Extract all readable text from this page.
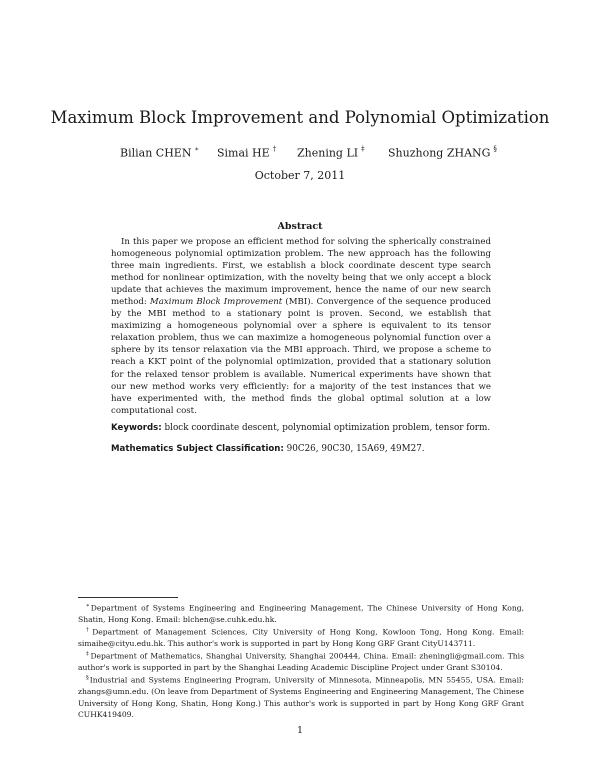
Maximum Block Improvement and Polynomial Optimization
Bilian CHEN ∗ Simai HE † Zhening LI ‡ Shuzhong ZHANG §
October 7, 2011
Abstract

In this paper we propose an efficient method for solving the spherically constrained homogeneous polynomial optimization problem. The new approach has the following three main ingredients. First, we establish a block coordinate descent type search method for nonlinear optimization, with the novelty being that we only accept a block update that achieves the maximum improvement, hence the name of our new search method: Maximum Block Improvement (MBI). Convergence of the sequence produced by the MBI method to a stationary point is proven. Second, we establish that maximizing a homogeneous polynomial over a sphere is equivalent to its tensor relaxation problem, thus we can maximize a homogeneous polynomial function over a sphere by its tensor relaxation via the MBI approach. Third, we propose a scheme to reach a KKT point of the polynomial optimization, provided that a stationary solution for the relaxed tensor problem is available. Numerical experiments have shown that our new method works very efficiently: for a majority of the test instances that we have experimented with, the method finds the global optimal solution at a low computational cost.

Keywords: block coordinate descent, polynomial optimization problem, tensor form.
Mathematics Subject Classification: 90C26, 90C30, 15A69, 49M27.

∗Department of Systems Engineering and Engineering Management, The Chinese University of Hong Kong, Shatin, Hong Kong. Email: blchen@se.cuhk.edu.hk.

†Department of Management Sciences, City University of Hong Kong, Kowloon Tong, Hong Kong. Email: simaihe@cityu.edu.hk. This author's work is supported in part by Hong Kong GRF Grant CityU143711.

‡Department of Mathematics, Shanghai University, Shanghai 200444, China. Email: zheningli@gmail.com. This author's work is supported in part by the Shanghai Leading Academic Discipline Project under Grant S30104.

§Industrial and Systems Engineering Program, University of Minnesota, Minneapolis, MN 55455, USA. Email: zhangs@umn.edu. (On leave from Department of Systems Engineering and Engineering Management, The Chinese University of Hong Kong, Shatin, Hong Kong.) This author's work is supported in part by Hong Kong GRF Grant CUHK419409.

1
